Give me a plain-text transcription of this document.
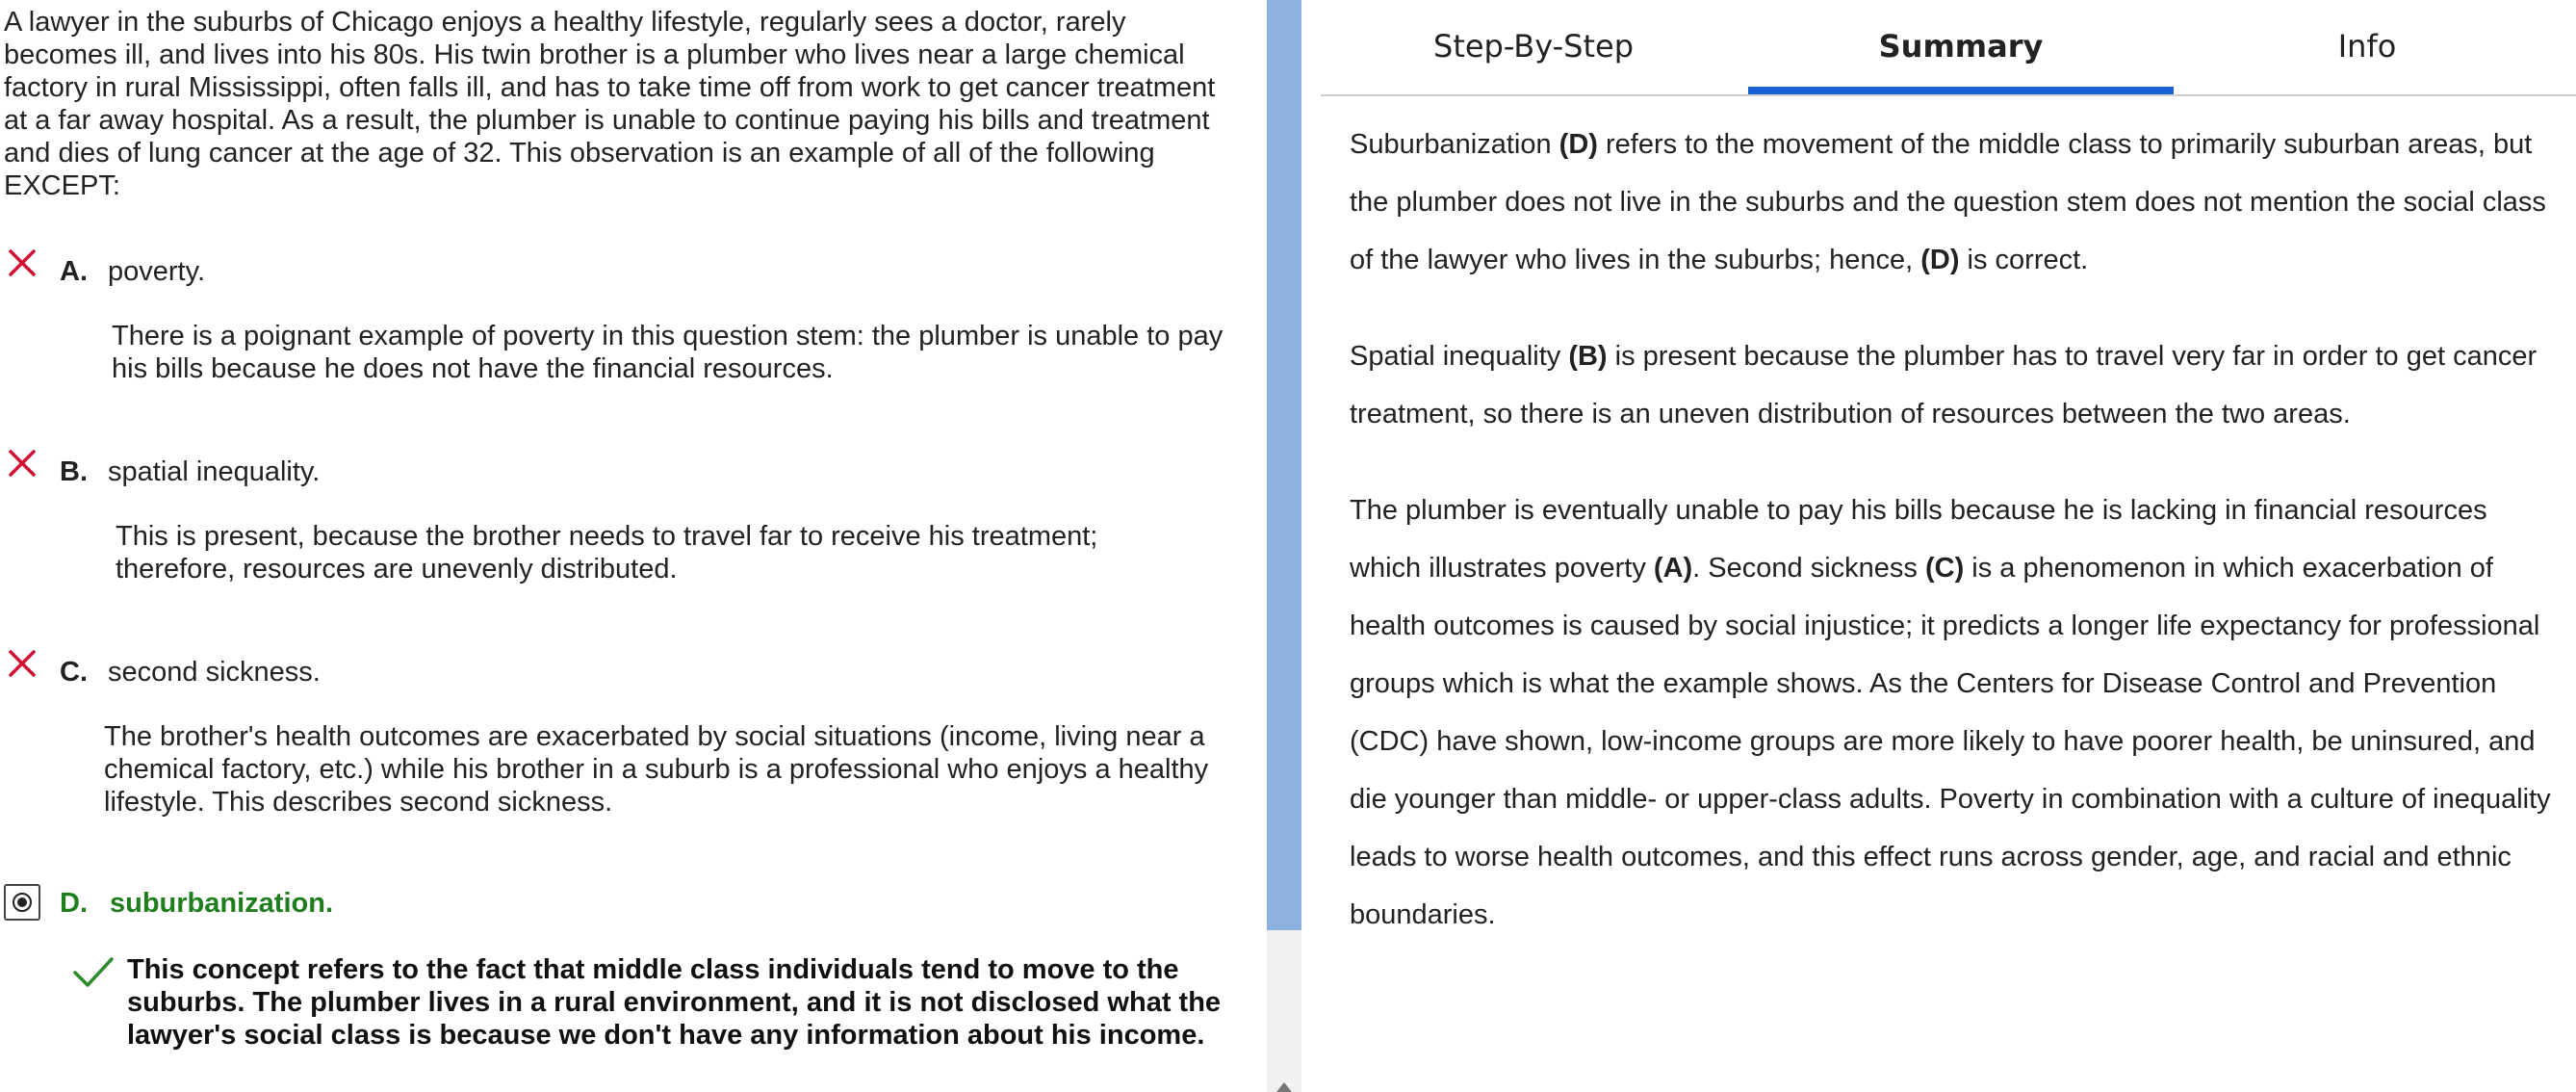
A lawyer in the suburbs of Chicago enjoys a healthy lifestyle, regularly sees a doctor, rarely becomes ill, and lives into his 80s. His twin brother is a plumber who lives near a large chemical factory in rural Mississippi, often falls ill, and has to take time off from work to get cancer treatment at a far away hospital. As a result, the plumber is unable to continue paying his bills and treatment and dies of lung cancer at the age of 32. This observation is an example of all of the following EXCEPT:
A. poverty.
There is a poignant example of poverty in this question stem: the plumber is unable to pay his bills because he does not have the financial resources.
B. spatial inequality.
This is present, because the brother needs to travel far to receive his treatment; therefore, resources are unevenly distributed.
C. second sickness.
The brother's health outcomes are exacerbated by social situations (income, living near a chemical factory, etc.) while his brother in a suburb is a professional who enjoys a healthy lifestyle. This describes second sickness.
D. suburbanization.
This concept refers to the fact that middle class individuals tend to move to the suburbs. The plumber lives in a rural environment, and it is not disclosed what the lawyer's social class is because we don't have any information about his income.
Step-By-Step	Summary	Info

Suburbanization (D) refers to the movement of the middle class to primarily suburban areas, but the plumber does not live in the suburbs and the question stem does not mention the social class of the lawyer who lives in the suburbs; hence, (D) is correct.

Spatial inequality (B) is present because the plumber has to travel very far in order to get cancer treatment, so there is an uneven distribution of resources between the two areas.

The plumber is eventually unable to pay his bills because he is lacking in financial resources which illustrates poverty (A). Second sickness (C) is a phenomenon in which exacerbation of health outcomes is caused by social injustice; it predicts a longer life expectancy for professional groups which is what the example shows. As the Centers for Disease Control and Prevention (CDC) have shown, low-income groups are more likely to have poorer health, be uninsured, and die younger than middle- or upper-class adults. Poverty in combination with a culture of inequality leads to worse health outcomes, and this effect runs across gender, age, and racial and ethnic boundaries.
